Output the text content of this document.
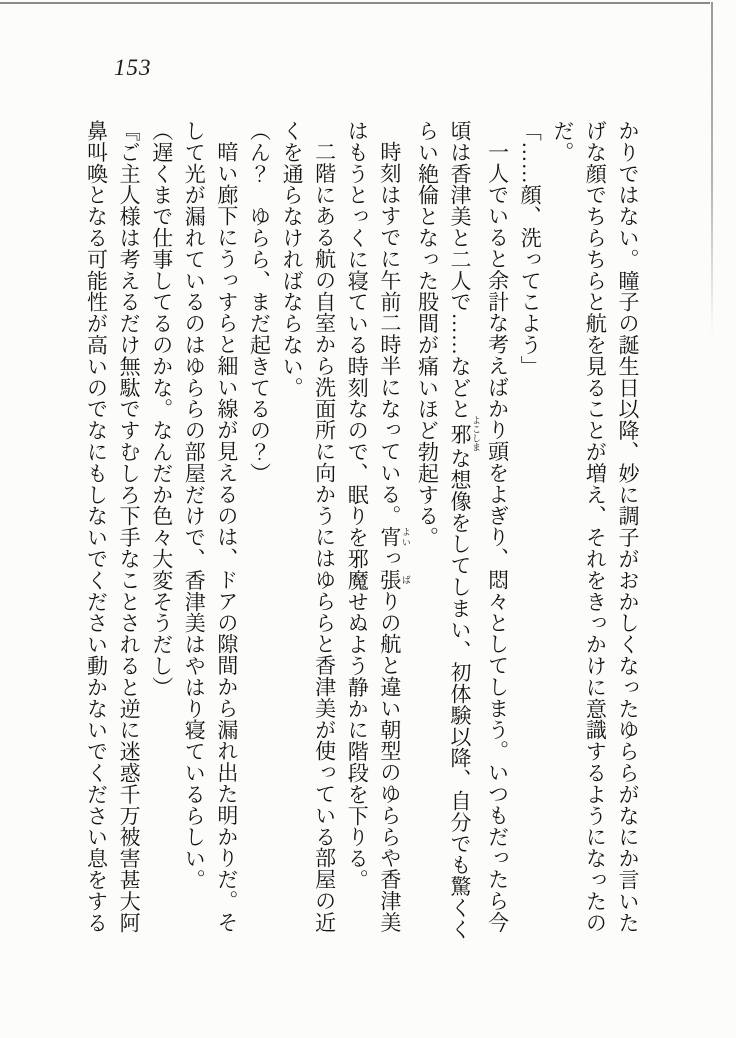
153

かりではない。瞳子の誕生日以降、妙に調子がおかしくなったゆららがなにか言いた

げな顔でちらちらと航を見ることが増え、それをきっかけに意識するようになったの

だ。

「……顔、洗ってこよう」

一人でいると余計な考えばかり頭をよぎり、悶々としてしまう。いつもだったら今

頃は香津美と二人で……などと邪 よこしまな想像をしてしまい、初体験以降、自分でも驚くく

らい絶倫となった股間が痛いほど勃起する。

時刻はすでに午前二時半になっている。宵 よいっ張 ばりの航と違い朝型のゆららや香津美

はもうとっくに寝ている時刻なので、眠りを邪魔せぬよう静かに階段を下りる。

二階にある航の自室から洗面所に向かうにはゆららと香津美が使っている部屋の近

くを通らなければならない。

（ん？　ゆらら、まだ起きてるの？）

暗い廊下にうっすらと細い線が見えるのは、ドアの隙間から漏れ出た明かりだ。そ

して光が漏れているのはゆららの部屋だけで、香津美はやはり寝ているらしい。

（遅くまで仕事してるのかな。なんだか色々大変そうだし）

『ご主人様は考えるだけ無駄ですむしろ下手なことされると逆に迷惑千万被害甚大阿

鼻叫喚となる可能性が高いのでなにもしないでください動かないでください息をする
